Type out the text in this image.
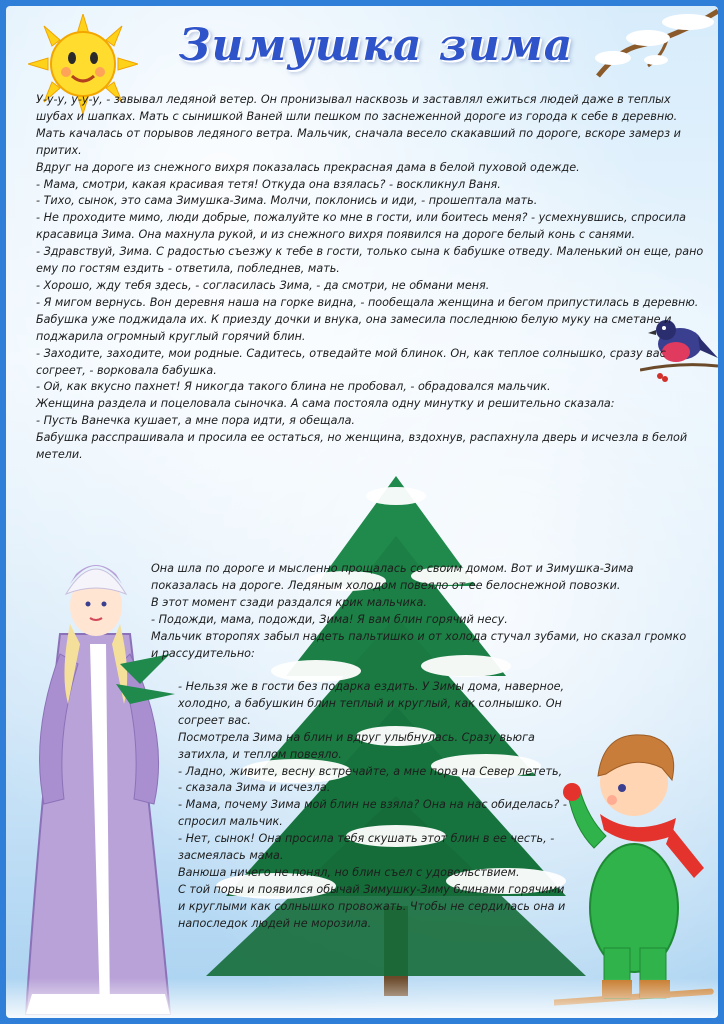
Зимушка зима

У-у-у, у-у-у, - завывал ледяной ветер. Он пронизывал насквозь и заставлял ежиться людей даже в теплых шубах и шапках. Мать с сынишкой Ваней шли пешком по заснеженной дороге из города к себе в деревню. Мать качалась от порывов ледяного ветра. Мальчик, сначала весело скакавший по дороге, вскоре замерз и притих.

Вдруг на дороге из снежного вихря показалась прекрасная дама в белой пуховой одежде.

- Мама, смотри, какая красивая тетя! Откуда она взялась? - воскликнул Ваня.

- Тихо, сынок, это сама Зимушка-Зима. Молчи, поклонись и иди, - прошептала мать.

- Не проходите мимо, люди добрые, пожалуйте ко мне в гости, или боитесь меня? - усмехнувшись, спросила красавица Зима. Она махнула рукой, и из снежного вихря появился на дороге белый конь с санями.

- Здравствуй, Зима. С радостью съезжу к тебе в гости, только сына к бабушке отведу. Маленький он еще, рано ему по гостям ездить - ответила, побледнев, мать.

- Хорошо, жду тебя здесь, - согласилась Зима, - да смотри, не обмани меня.

- Я мигом вернусь. Вон деревня наша на горке видна, - пообещала женщина и бегом припустилась в деревню.

Бабушка уже поджидала их. К приезду дочки и внука, она замесила последнюю белую муку на сметане и поджарила огромный круглый горячий блин.

- Заходите, заходите, мои родные. Садитесь, отведайте мой блинок. Он, как теплое солнышко, сразу вас согреет, - ворковала бабушка.

- Ой, как вкусно пахнет! Я никогда такого блина не пробовал, - обрадовался мальчик.

Женщина разделa и поцеловала сыночка. А сама постояла одну минутку и решительно сказала:

- Пусть Ванечка кушает, а мне пора идти, я обещала.

Бабушка расспрашивала и просила ее остаться, но женщина, вздохнув, распахнула дверь и исчезла в белой метели.

Она шла по дороге и мысленно прощалась со своим домом. Вот и Зимушка-Зима показалась на дороге. Ледяным холодом повеяло от ее белоснежной повозки.

В этот момент сзади раздался крик мальчика.

- Подожди, мама, подожди, Зима! Я вам блин горячий несу.

Мальчик второпях забыл надеть пальтишко и от холода стучал зубами, но сказал громко и рассудительно:

- Нельзя же в гости без подарка ездить. У Зимы дома, наверное, холодно, а бабушкин блин теплый и круглый, как солнышко. Он согреет вас.

Посмотрела Зима на блин и вдруг улыбнулась. Сразу вьюга затихла, и теплом повеяло.

- Ладно, живите, весну встречайте, а мне пора на Север лететь, - сказала Зима и исчезла.

- Мама, почему Зима мой блин не взяла? Она на нас обиделась? - спросил мальчик.

- Нет, сынок! Она просила тебя скушать этот блин в ее честь, - засмеялась мама.

Ванюша ничего не понял, но блин съел с удовольствием.

С той поры и появился обычай Зимушку-Зиму блинами горячими и круглыми как солнышко провожать. Чтобы не сердилась она и напоследок людей не морозила.
